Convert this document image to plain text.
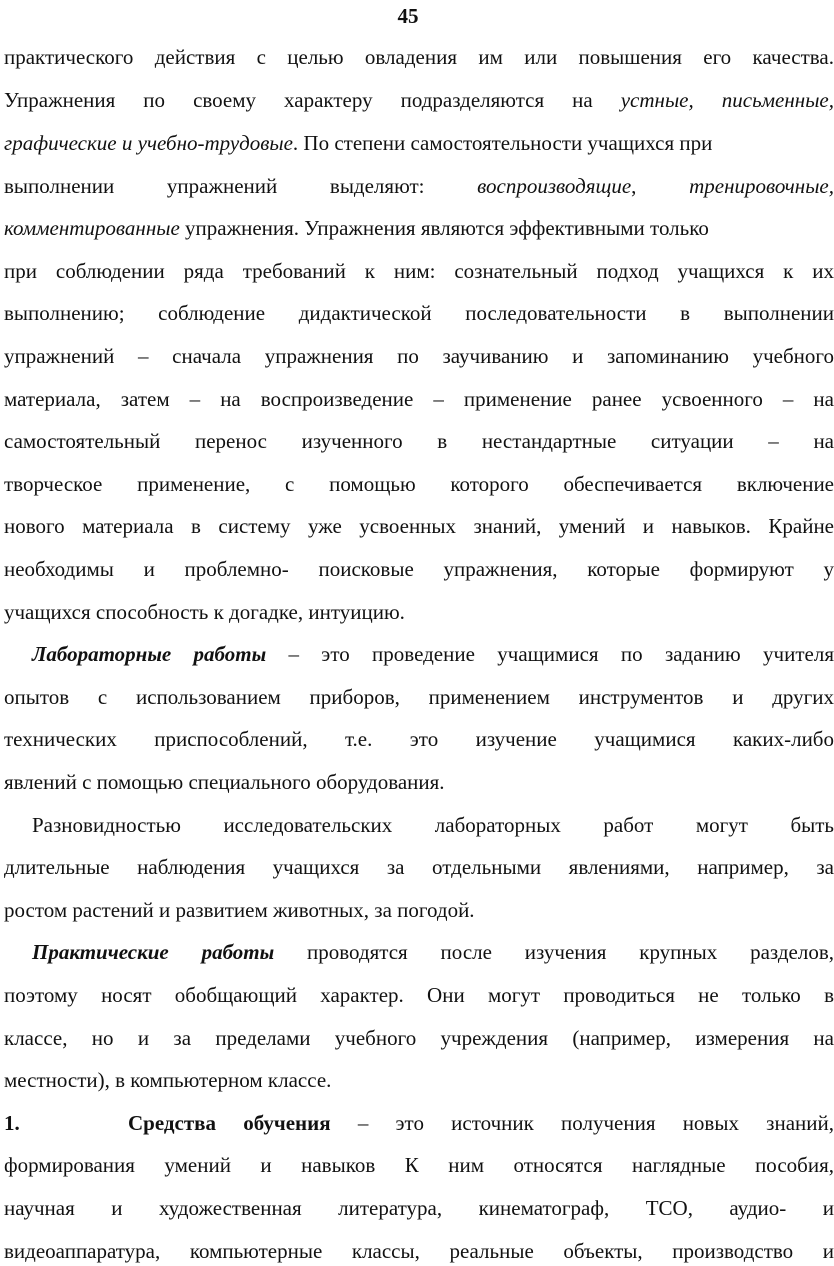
45
практического действия с целью овладения им или повышения его качества.
Упражнения по своему характеру подразделяются на устные, письменные,
графические и учебно-трудовые. По степени самостоятельности учащихся при
выполнении упражнений выделяют:	воспроизводящие,	тренировочные,
комментированные упражнения. Упражнения являются эффективными только
при соблюдении ряда требований к ним: сознательный подход учащихся к их
выполнению; соблюдение дидактической последовательности в выполнении
упражнений – сначала упражнения по заучиванию и запоминанию учебного
материала, затем – на воспроизведение – применение ранее усвоенного – на
самостоятельный перенос изученного в нестандартные ситуации – на
творческое применение, с помощью которого обеспечивается включение
нового материала в систему уже усвоенных знаний, умений и навыков. Крайне
необходимы и проблемно- поисковые упражнения, которые формируют у
учащихся способность к догадке, интуицию.
Лабораторные работы – это проведение учащимися по заданию учителя
опытов с использованием приборов, применением инструментов и других
технических приспособлений, т.е. это изучение учащимися каких-либо
явлений с помощью специального оборудования.
Разновидностью исследовательских лабораторных работ могут быть
длительные наблюдения учащихся за отдельными явлениями, например, за
ростом растений и развитием животных, за погодой.
Практические работы проводятся после изучения крупных разделов,
поэтому носят обобщающий характер. Они могут проводиться не только в
классе, но и за пределами учебного учреждения (например, измерения на
местности), в компьютерном классе.
1.	Средства обучения – это источник получения новых знаний,
формирования умений и навыков К ним относятся наглядные пособия,
научная и художественная литература, кинематограф, ТСО, аудио- и
видеоаппаратура, компьютерные классы, реальные объекты, производство и
